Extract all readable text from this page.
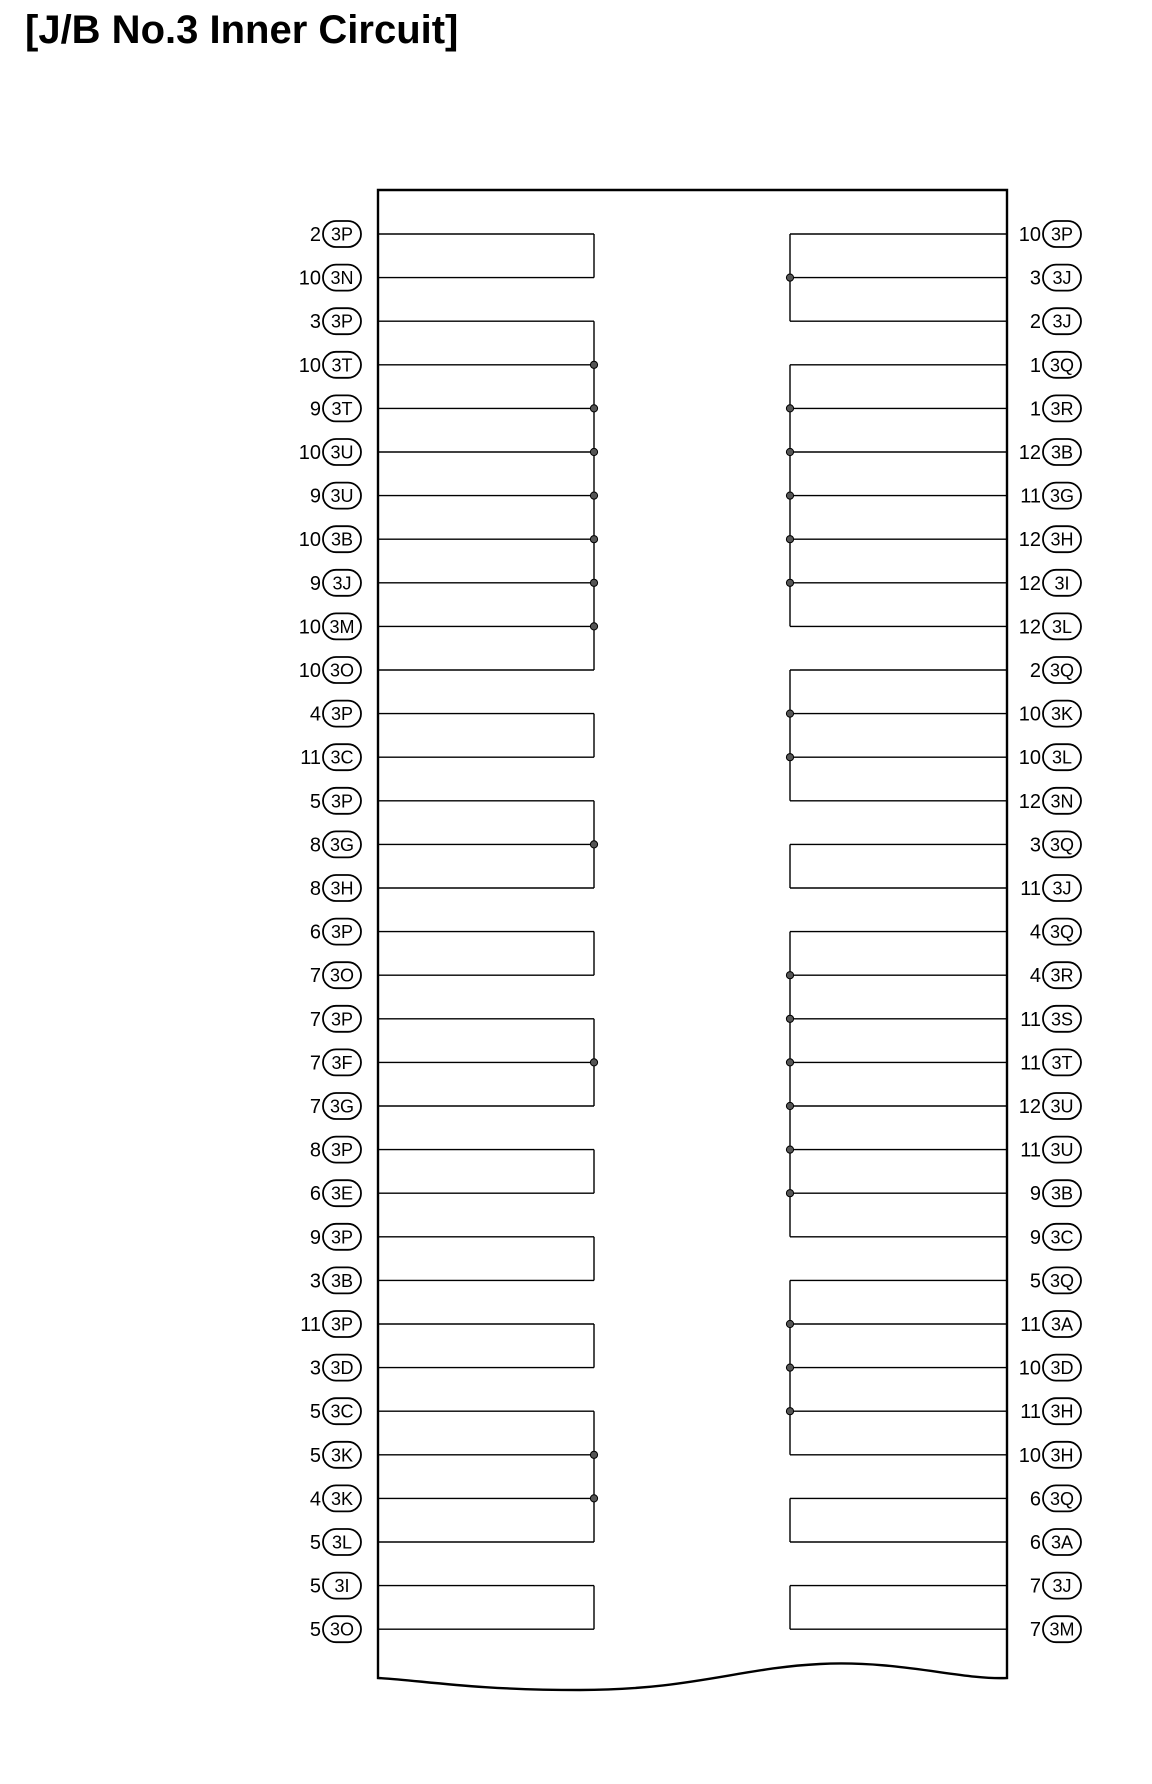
[J/B No.3 Inner Circuit]
2 3P
10 3N
3 3P
10 3T
9 3T
10 3U
9 3U
10 3B
9 3J
10 3M
10 3O
4 3P
11 3C
5 3P
8 3G
8 3H
6 3P
7 3O
7 3P
7 3F
7 3G
8 3P
6 3E
9 3P
3 3B
11 3P
3 3D
5 3C
5 3K
4 3K
5 3L
5 3I
5 3O
10 3P
3 3J
2 3J
1 3Q
1 3R
12 3B
11 3G
12 3H
12 3I
12 3L
2 3Q
10 3K
10 3L
12 3N
3 3Q
11 3J
4 3Q
4 3R
11 3S
11 3T
12 3U
11 3U
9 3B
9 3C
5 3Q
11 3A
10 3D
11 3H
10 3H
6 3Q
6 3A
7 3J
7 3M
